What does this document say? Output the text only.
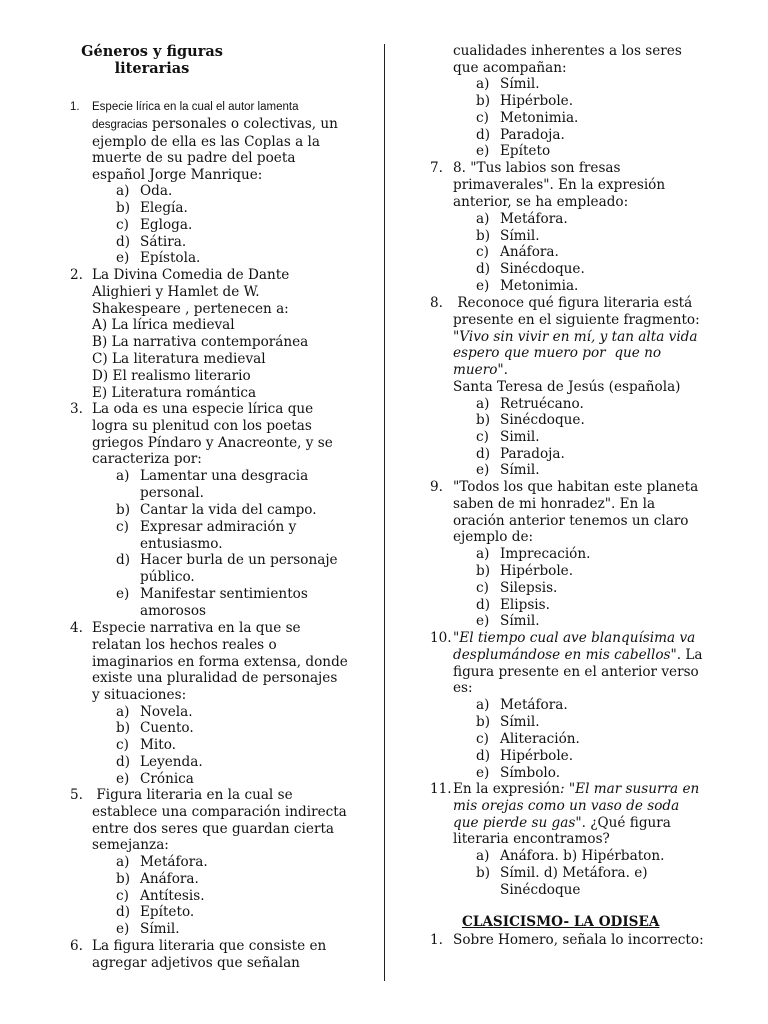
Géneros y figuras
literarias
1. Especie lírica en la cual el autor lamenta
desgracias personales o colectivas, un
ejemplo de ella es las Coplas a la
muerte de su padre del poeta
español Jorge Manrique:
a) Oda.
b) Elegía.
c) Egloga.
d) Sátira.
e) Epístola.
2. La Divina Comedia de Dante
Alighieri y Hamlet de W.
Shakespeare , pertenecen a:
A) La lírica medieval
B) La narrativa contemporánea
C) La literatura medieval
D) El realismo literario
E) Literatura romántica
3. La oda es una especie lírica que
logra su plenitud con los poetas
griegos Píndaro y Anacreonte, y se
caracteriza por:
a) Lamentar una desgracia personal.
b) Cantar la vida del campo.
c) Expresar admiración y entusiasmo.
d) Hacer burla de un personaje público.
e) Manifestar sentimientos amorosos
4. Especie narrativa en la que se
relatan los hechos reales o
imaginarios en forma extensa, donde
existe una pluralidad de personajes
y situaciones:
a) Novela.
b) Cuento.
c) Mito.
d) Leyenda.
e) Crónica
5. Figura literaria en la cual se
establece una comparación indirecta
entre dos seres que guardan cierta
semejanza:
a) Metáfora.
b) Anáfora.
c) Antítesis.
d) Epíteto.
e) Símil.
6. La figura literaria que consiste en
agregar adjetivos que señalan
cualidades inherentes a los seres
que acompañan:
a) Símil.
b) Hipérbole.
c) Metonimia.
d) Paradoja.
e) Epíteto
7. 8. "Tus labios son fresas
primaverales". En la expresión
anterior, se ha empleado:
a) Metáfora.
b) Símil.
c) Anáfora.
d) Sinécdoque.
e) Metonimia.
8. Reconoce qué figura literaria está
presente en el siguiente fragmento:
"Vivo sin vivir en mí, y tan alta vida
espero que muero por  que no
muero".
Santa Teresa de Jesús (española)
a) Retruécano.
b) Sinécdoque.
c) Simil.
d) Paradoja.
e) Símil.
9. "Todos los que habitan este planeta
saben de mi honradez". En la
oración anterior tenemos un claro
ejemplo de:
a) Imprecación.
b) Hipérbole.
c) Silepsis.
d) Elipsis.
e) Símil.
10. "El tiempo cual ave blanquísima va
desplumándose en mis cabellos". La
figura presente en el anterior verso
es:
a) Metáfora.
b) Símil.
c) Aliteración.
d) Hipérbole.
e) Símbolo.
11. En la expresión: "El mar susurra en
mis orejas como un vaso de soda
que pierde su gas". ¿Qué figura
literaria encontramos?
a) Anáfora. b) Hipérbaton.
b) Símil. d) Metáfora. e) Sinécdoque
1. Sobre Homero, señala lo incorrecto:
CLASICISMO- LA ODISEA
